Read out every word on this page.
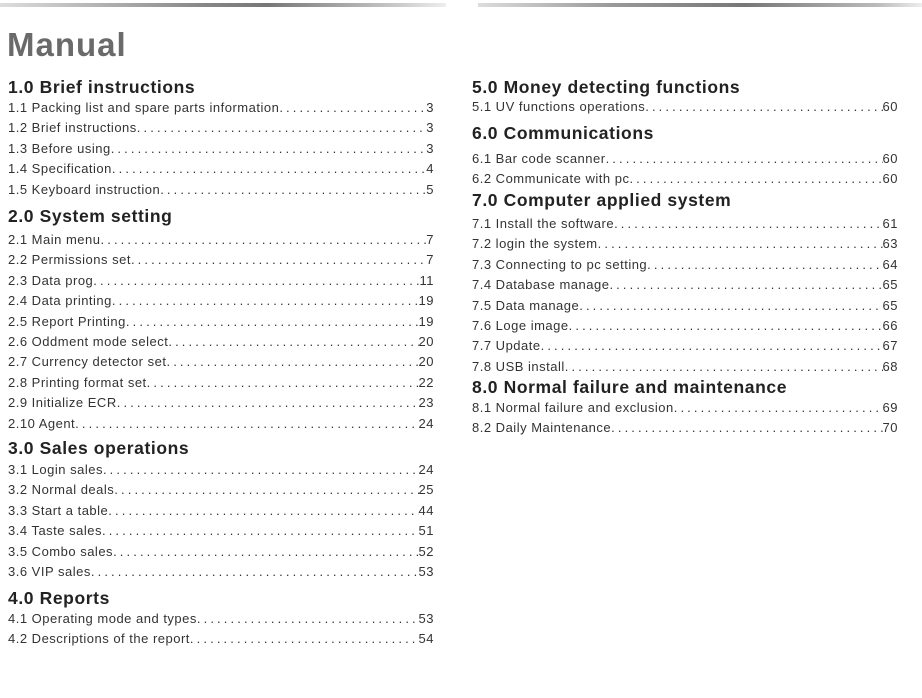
Manual
1.0 Brief instructions
1.1 Packing list and spare parts information . . .	3
1.2 Brief instructions . . .	3
1.3 Before using . . .	3
1.4 Specification . . .	4
1.5 Keyboard instruction . . .	5
2.0 System setting
2.1 Main menu . . .	7
2.2 Permissions set . . .	7
2.3 Data prog . . .	11
2.4 Data printing . . .	19
2.5 Report Printing . . .	19
2.6 Oddment mode select . . .	20
2.7 Currency detector set . . .	20
2.8 Printing format set . . .	22
2.9 Initialize ECR . . .	23
2.10 Agent . . .	24
3.0 Sales operations
3.1 Login sales . . .	24
3.2 Normal deals . . .	25
3.3 Start a table . . .	44
3.4 Taste sales . . .	51
3.5 Combo sales . . .	52
3.6 VIP sales . . .	53
4.0 Reports
4.1 Operating mode and types . . .	53
4.2 Descriptions of the report . . .	54
5.0 Money detecting functions
5.1 UV functions operations . . .	60
6.0 Communications
6.1 Bar code scanner . . .	60
6.2 Communicate with pc . . .	60
7.0 Computer applied system
7.1 Install the software . . .	61
7.2 login the system . . .	63
7.3 Connecting to pc setting . . .	64
7.4 Database manage . . .	65
7.5 Data manage . . .	65
7.6 Loge image . . .	66
7.7 Update . . .	67
7.8 USB install . . .	68
8.0 Normal failure and maintenance
8.1 Normal failure and exclusion . . .	69
8.2 Daily Maintenance . . .	70
